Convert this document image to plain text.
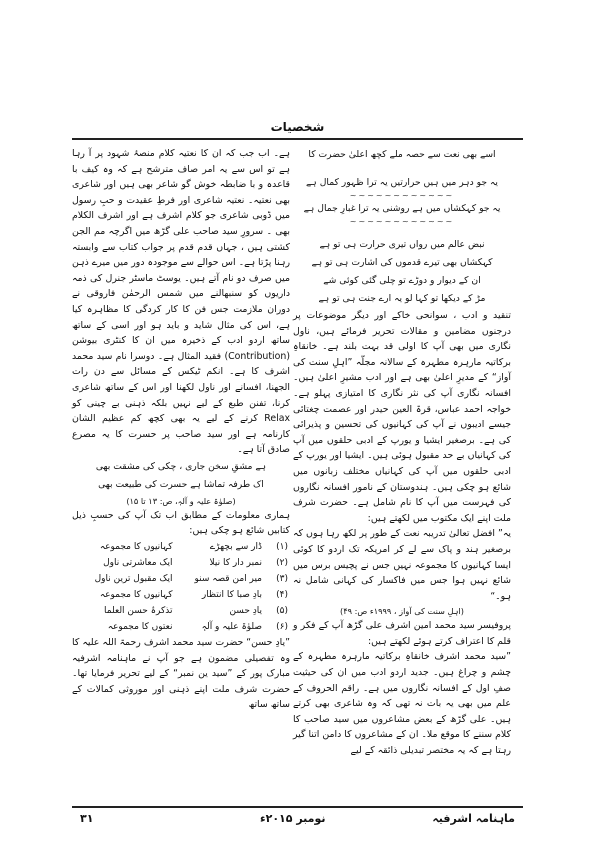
شخصیات

اسے بھی نعت سے حصہ ملے کچھ اعلیٰ حضرت کا

یہ جو دہر میں ہیں حرارتیں یہ ترا ظہور کمال ہے

~~~~~~~~~~~~

یہ جو کہکشاں میں ہے روشنی یہ ترا غبارِ جمال ہے

~~~~~~~~~~~~

نبض عالم میں رواں تیری حرارت ہی تو ہے

کہکشاں بھی تیرے قدموں کی اشارت ہی تو ہے

ان کے دیوار و دوڑے تو چلی گئی کوئی شے

مڑ کے دیکھا تو کہا لو یہ ارے جنت ہی تو ہے

تنقید و ادب ، سوانحی خاکے اور دیگر موضوعات پر درجنوں مضامین و مقالات تحریر فرمائے ہیں، ناول نگاری میں بھی آپ کا اولی قد بہت بلند ہے۔ خانقاہِ برکاتیہ مارہرہ مطہرہ کے سالانہ مجلّہ ”اہلِ سنت کی آواز“ کے مدیرِ اعلیٰ بھی ہے اور ادب مشیرِ اعلیٰ ہیں۔ افسانہ نگاری آپ کی نثر نگاری کا امتیازی پہلو ہے۔ خواجہ احمد عباس، قرۃ العین حیدر اور عصمت چغتائی جیسے ادیبوں نے آپ کی کہانیوں کی تحسین و پذیرائی کی ہے۔ برصغیر ایشیا و یورپ کے ادبی حلقوں میں آپ کی کہانیاں بے حد مقبول ہوئی ہیں۔ ایشیا اور یورپ کے ادبی حلقوں میں آپ کی کہانیاں مختلف زبانوں میں شائع ہو چکی ہیں۔ ہندوستان کے نامور افسانہ نگاروں کی فہرست میں آپ کا نام شامل ہے۔ حضرت شرف ملت اپنے ایک مکتوب میں لکھتے ہیں:

یہ” افضل تعالیٰ تدریبہ نعت کے طور پر لکھ رہا ہوں کہ برصغیر ہند و پاک سے لے کر امریکہ تک اردو کا کوئی ایسا کہانیوں کا مجموعہ نہیں جس نے پچیس برس میں شائع نہیں ہوا جس میں فاکسار کی کہانی شامل نہ ہو۔“

(اہلِ سنت کی آواز ، ۱۹۹۹ء ص: ۴۹)

پروفیسر سید محمد امین اشرف علی گڑھ آپ کے فکر و قلم کا اعتراف کرتے ہوئے لکھتے ہیں:

”سید محمد اشرف خانقاہِ برکاتیہ مارہرہ مطہرہ کے چشم و چراغ ہیں۔ جدید اردو ادب میں ان کی حیثیت صفِ اول کے افسانہ نگاروں میں ہے۔ راقم الحروف کے علم میں بھی یہ بات نہ تھی کہ وہ شاعری بھی کرتے ہیں۔ علی گڑھ کے بعض مشاعروں میں سید صاحب کا کلام سننے کا موقع ملا۔ ان کے مشاعروں کا دامن اتنا گیر رہتا ہے کہ یہ مختصر تبدیلی ذائقہ کے لیے

ہے۔ اب جب کہ ان کا نعتیہ کلام منصۂ شہود پر آ رہا ہے تو اس سے یہ امر صاف مترشح ہے کہ وہ کیف با قاعدہ و با ضابطہ خوش گو شاعر بھی ہیں اور شاعری بھی نعتیہ۔ نعتیہ شاعری اور فرطِ عقیدت و حبِ رسول میں ڈوبی شاعری جو کلام اشرف ہے اور اشرف الکلام بھی ۔ سرورِ سید صاحب علی گڑھ میں اگرچہ مم الجن کشتی ہیں ، جہاں قدم قدم پر جواب کتاب سے وابستہ رہنا پڑتا ہے۔ اس حوالے سے موجودہ دور میں میرے ذہن میں صرف دو نام آتے ہیں۔ یوسٹ ماسٹر جنرل کی ذمہ داریوں کو سنبھالنے میں شمس الرحمٰن فاروقی نے دوران ملازمت جس فن کا کار کردگی کا مظاہرہ کیا ہے، اس کی مثال شاید و باید ہو اور اسی کے ساتھ ساتھ اردو ادب کے ذخیرہ میں ان کا کنٹری بیوشن (Contribution) فقید المثال ہے۔ دوسرا نام سید محمد اشرف کا ہے۔ انکم ٹیکس کے مسائل سے دن رات الجھنا، افسانے اور ناول لکھنا اور اس کے ساتھ شاعری کرنا، تفنن طبع کے لیے نہیں بلکہ ذہنی بے چینی کو Relax کرنے کے لیے یہ بھی کچھ کم عظیم الشان کارنامہ ہے اور سید صاحب پر حسرت کا یہ مصرع صادق آتا ہے۔

ہے مشقِ سخن جاری ، چکی کی مشقت بھی

اک طرفہ تماشا ہے حسرت کی طبیعت بھی

(صلوٰۃ علیہ و آلہٖ، ص: ۱۳ تا ۱۵)

ہماری معلومات کے مطابق اب تک آپ کی حسبِ ذیل کتابیں شائع ہو چکی ہیں:

(۱)	ڈار سے بچھڑے	کہانیوں کا مجموعہ
(۲)	نمبر دار کا نیلا	ایک معاشرتی ناول
(۳)	میر امن قصہ سنو	ایک مقبول ترین ناول
(۴)	بادِ صبا کا انتظار	کہانیوں کا مجموعہ
(۵)	یادِ حسن	تذکرۂ حسن العلما
(۶)	صلوٰۃ علیہ و آلہٖ	نعتوں کا مجموعہ

”یادِ حسن“ حضرت سید محمد اشرف رحمۃ اللہ علیہ کا وہ تفصیلی مضمون ہے جو آپ نے ماہنامہ اشرفیہ مبارک پور کے ”سید ین نمبر“ کے لیے تحریر فرمایا تھا۔ حضرت شرف ملت اپنے ذہنی اور موروثی کمالات کے ساتھ ساتھ

۳۱	نومبر ۲۰۱۵ء	ماہنامہ اشرفیہ
